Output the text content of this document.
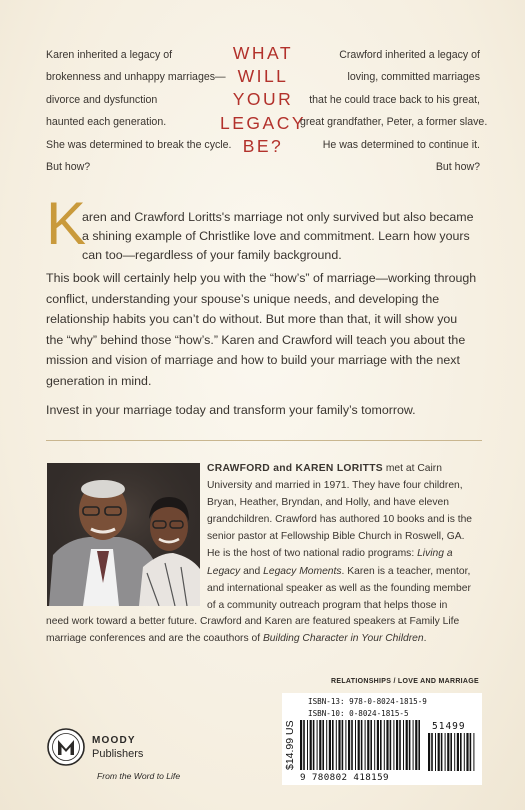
Karen inherited a legacy of
brokenness and unhappy marriages—
divorce and dysfunction
haunted each generation.
She was determined to break the cycle.
But how?
WHAT
WILL
YOUR
LEGACY
BE?
Crawford inherited a legacy of
loving, committed marriages
that he could trace back to his great,
great grandfather, Peter, a former slave.
He was determined to continue it.
But how?
K
aren and Crawford Loritts's marriage not only survived but also became
a shining example of Christlike love and commitment. Learn how yours
can too—regardless of your family background.
This book will certainly help you with the “how’s” of marriage—working through
conflict, understanding your spouse’s unique needs, and developing the
relationship habits you can’t do without. But more than that, it will show you
the “why” behind those “how’s.” Karen and Crawford will teach you about the
mission and vision of marriage and how to build your marriage with the next
generation in mind.
Invest in your marriage today and transform your family’s tomorrow.
CRAWFORD and KAREN LORITTS met at Cairn
University and married in 1971. They have four children,
Bryan, Heather, Bryndan, and Holly, and have eleven
grandchildren. Crawford has authored 10 books and is the
senior pastor at Fellowship Bible Church in Roswell, GA.
He is the host of two national radio programs: Living a
Legacy and Legacy Moments. Karen is a teacher, mentor,
and international speaker as well as the founding member
of a community outreach program that helps those in
need work toward a better future. Crawford and Karen are featured speakers at Family Life
marriage conferences and are the coauthors of Building Character in Your Children.
RELATIONSHIPS / LOVE AND MARRIAGE
$14.99 US
ISBN-13: 978-0-8024-1815-9
ISBN-10: 0-8024-1815-5
9 780802 418159
51499
MOODY
Publishers
From the Word to Life
